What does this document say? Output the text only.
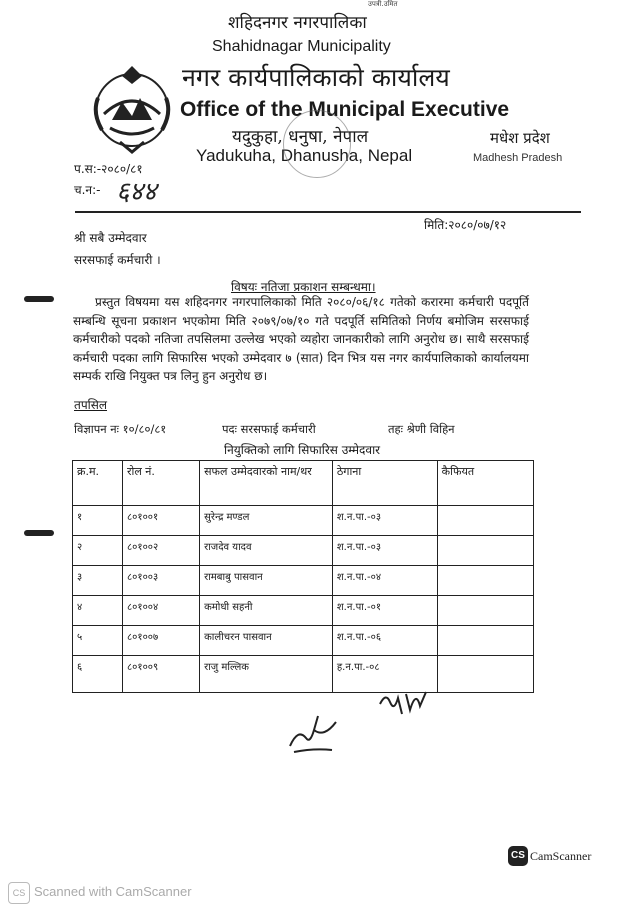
उपत्री.उमित
शहिदनगर नगरपालिका
Shahidnagar Municipality
नगर कार्यपालिकाको कार्यालय
Office of the Municipal Executive
यदुकुहा, धनुषा, नेपाल
Yadukuha, Dhanusha, Nepal
मधेश प्रदेश
Madhesh Pradesh
प.स:-२०८०/८१
च.न:- ६४४
मिति:२०८०/०७/१२
श्री सबै उम्मेदवार
सरसफाई कर्मचारी ।
विषयः नतिजा प्रकाशन सम्बन्धमा।
प्रस्तुत विषयमा यस शहिदनगर नगरपालिकाको मिति २०८०/०६/१८ गतेको करारमा कर्मचारी पदपूर्ति सम्बन्धि सूचना प्रकाशन भएकोमा मिति २०७९/०७/१० गते पदपूर्ति समितिको निर्णय बमोजिम सरसफाई कर्मचारीको पदको नतिजा तपसिलमा उल्लेख भएको व्यहोरा जानकारीको लागि अनुरोध छ। साथै सरसफाई कर्मचारी पदका लागि सिफारिस भएको उम्मेदवार ७ (सात) दिन भित्र यस नगर कार्यपालिकाको कार्यालयमा सम्पर्क राखि नियुक्त पत्र लिनु हुन अनुरोध छ।
तपसिल
विज्ञापन नः १०/८०/८१	पदः सरसफाई कर्मचारी	तहः श्रेणी विहिन
नियुक्तिको लागि सिफारिस उम्मेदवार
क्र.म.	रोल नं.	सफल उम्मेदवारको नाम/थर	ठेगाना	कैफियत
१	८०१००१	सुरेन्द्र मण्डल	श.न.पा.-०३	
२	८०१००२	राजदेव यादव	श.न.पा.-०३	
३	८०१००३	रामबाबु पासवान	श.न.पा.-०४	
४	८०१००४	कमोधी सहनी	श.न.पा.-०१	
५	८०१००७	कालीचरन पासवान	श.न.पा.-०६	
६	८०१००९	राजु मल्लिक	ह.न.पा.-०८	
CS CamScanner
CS Scanned with CamScanner
